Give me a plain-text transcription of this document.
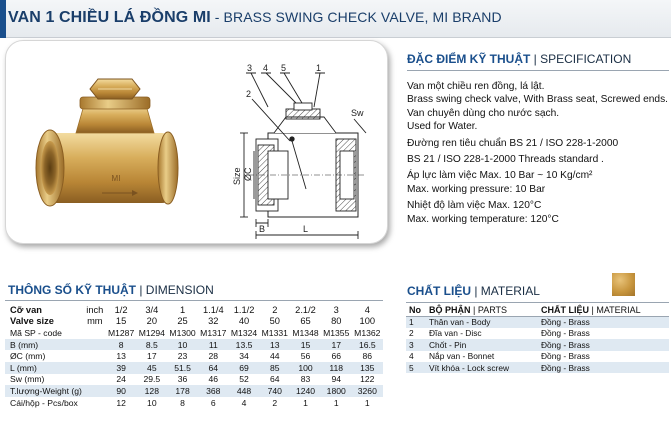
VAN 1 CHIỀU LÁ ĐỒNG MI - BRASS SWING CHECK VALVE, MI BRAND
MI
3 4 5
2
1
Sw
Size ØC
B	L
ĐẶC ĐIỂM KỸ THUẬT | SPECIFICATION

Van một chiều ren đồng, lá lật.

Brass swing check valve, With Brass seat, Screwed ends.

Van chuyên dùng cho nước sạch.

Used for Water.

Đường ren tiêu chuẩn BS 21 / ISO 228-1-2000

BS 21 / ISO 228-1-2000 Threads standard .

Áp lực làm việc Max. 10 Bar ~ 10 Kg/cm²

Max. working pressure: 10 Bar

Nhiệt độ làm việc Max. 120°C

Max. working temperature: 120°C

THÔNG SỐ KỸ THUẬT | DIMENSION
Cỡ van	inch	1/2	3/4	1	1.1/4	1.1/2	2	2.1/2	3	4
Valve size	mm	15	20	25	32	40	50	65	80	100
Mã SP - code		M1287	M1294	M1300	M1317	M1324	M1331	M1348	M1355	M1362
B (mm)		8	8.5	10	11	13.5	13	15	17	16.5
ØC (mm)		13	17	23	28	34	44	56	66	86
L (mm)		39	45	51.5	64	69	85	100	118	135
Sw (mm)		24	29.5	36	46	52	64	83	94	122
T.lượng-Weight (g)		90	128	178	368	448	740	1240	1800	3260
Cái/hộp - Pcs/box		12	10	8	6	4	2	1	1	1
CHẤT LIỆU | MATERIAL
No	BỘ PHẬN | PARTS	CHẤT LIỆU | MATERIAL
1	Thân van - Body	Đồng - Brass
2	Đĩa van - Disc	Đồng - Brass
3	Chốt - Pin	Đồng - Brass
4	Nắp van - Bonnet	Đồng - Brass
5	Vít khóa - Lock screw	Đồng - Brass
